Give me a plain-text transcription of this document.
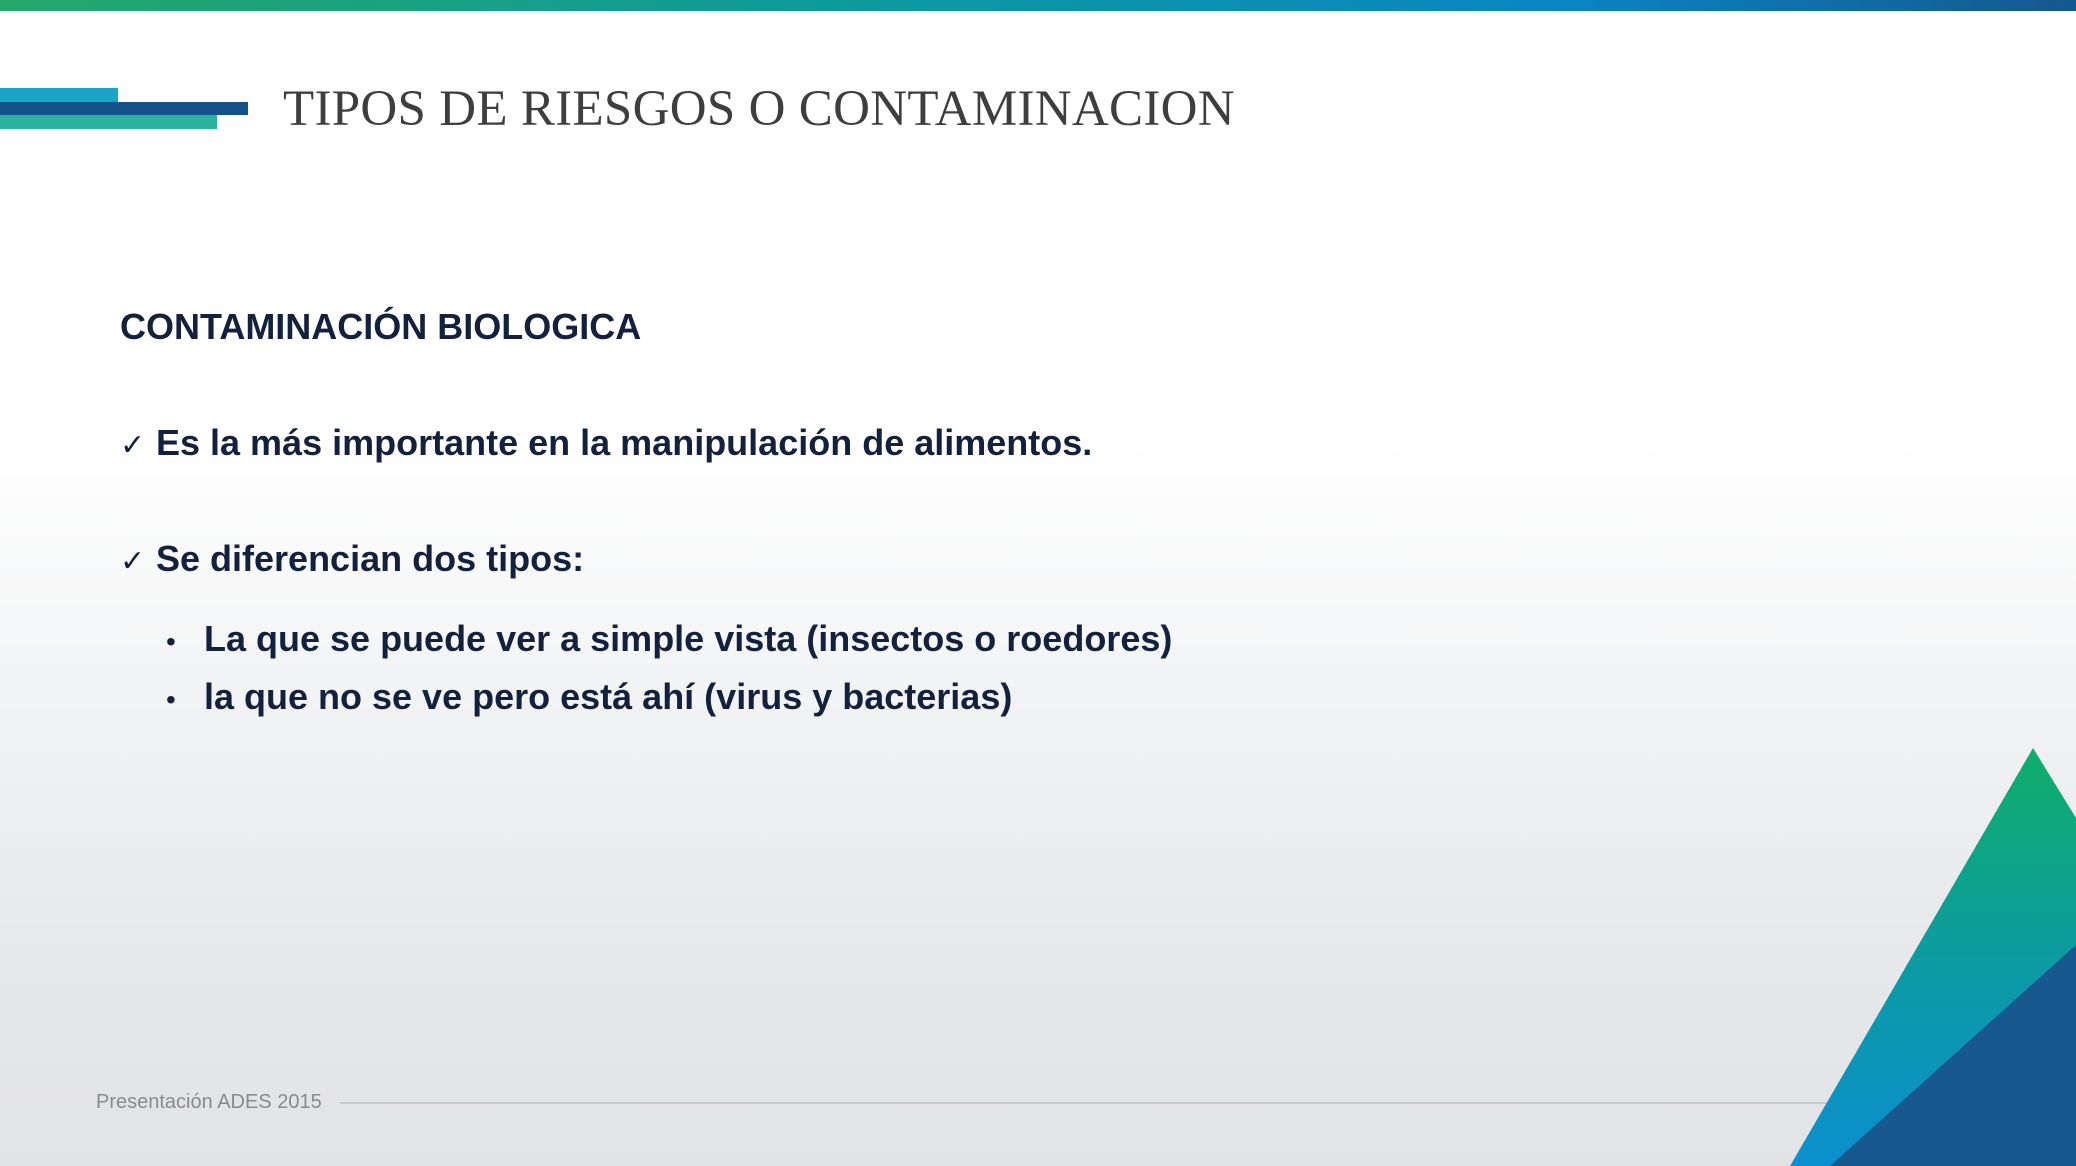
TIPOS DE RIESGOS O CONTAMINACION
CONTAMINACIÓN BIOLOGICA
✓ Es la más importante en la manipulación de alimentos.
✓ Se diferencian dos tipos:
• La que se puede ver a simple vista (insectos o roedores)
• la que no se ve pero está ahí (virus y bacterias)
Presentación ADES 2015
